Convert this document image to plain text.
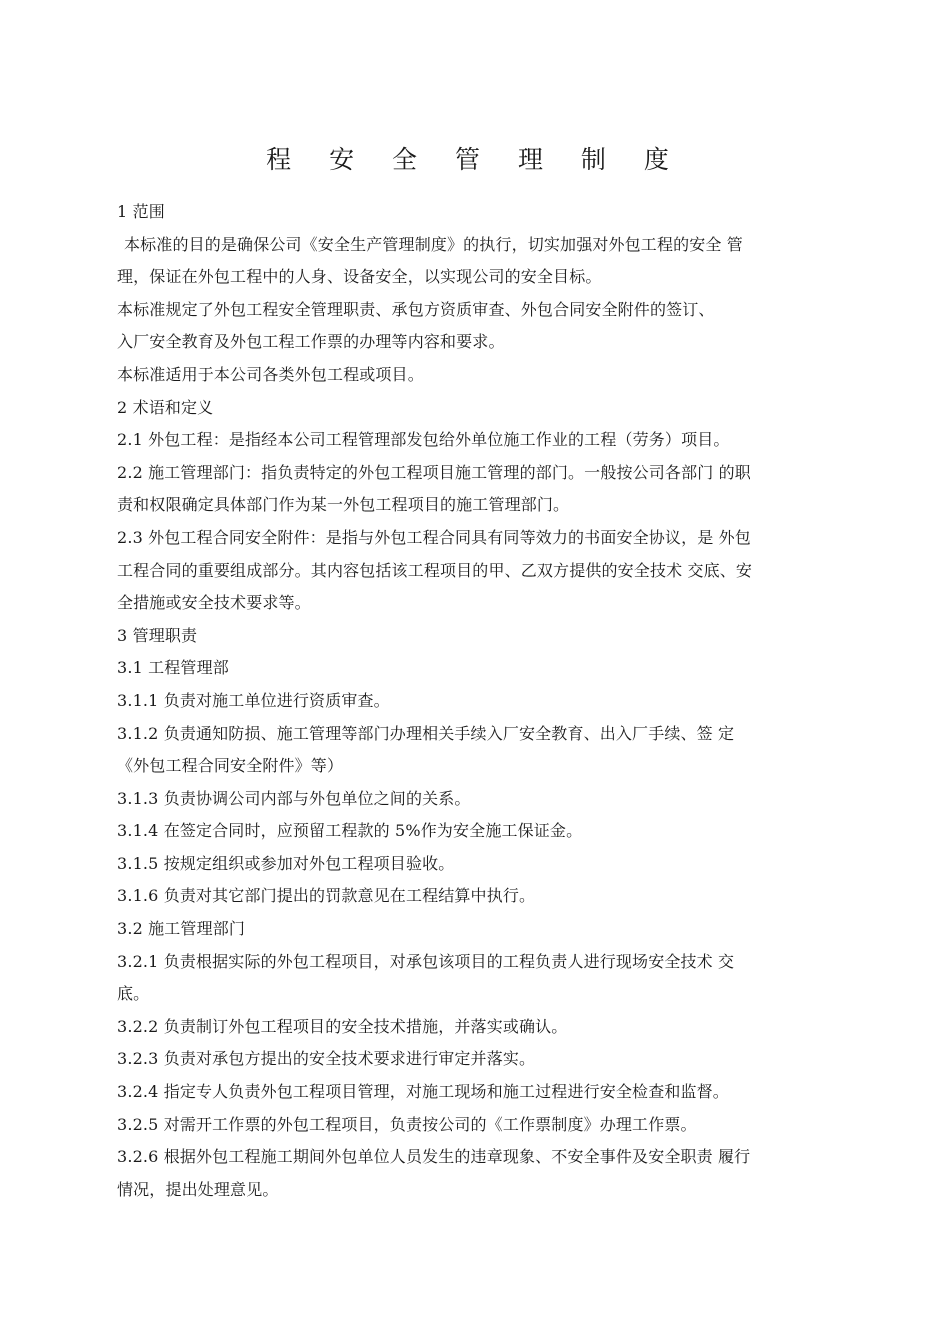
程 安 全 管 理 制 度
1 范围
本标准的目的是确保公司《安全生产管理制度》的执行，切实加强对外包工程的安全 管
理，保证在外包工程中的人身、设备安全，以实现公司的安全目标。
本标准规定了外包工程安全管理职责、承包方资质审查、外包合同安全附件的签订、
入厂安全教育及外包工程工作票的办理等内容和要求。
本标准适用于本公司各类外包工程或项目。
2 术语和定义
2.1 外包工程：是指经本公司工程管理部发包给外单位施工作业的工程（劳务）项目。
2.2 施工管理部门：指负责特定的外包工程项目施工管理的部门。一般按公司各部门 的职
责和权限确定具体部门作为某一外包工程项目的施工管理部门。
2.3 外包工程合同安全附件：是指与外包工程合同具有同等效力的书面安全协议，是 外包
工程合同的重要组成部分。其内容包括该工程项目的甲、乙双方提供的安全技术 交底、安
全措施或安全技术要求等。
3 管理职责
3.1 工程管理部
3.1.1 负责对施工单位进行资质审查。
3.1.2 负责通知防损、施工管理等部门办理相关手续入厂安全教育、出入厂手续、签 定
《外包工程合同安全附件》等）
3.1.3 负责协调公司内部与外包单位之间的关系。
3.1.4 在签定合同时，应预留工程款的 5%作为安全施工保证金。
3.1.5 按规定组织或参加对外包工程项目验收。
3.1.6 负责对其它部门提出的罚款意见在工程结算中执行。
3.2 施工管理部门
3.2.1 负责根据实际的外包工程项目，对承包该项目的工程负责人进行现场安全技术 交
底。
3.2.2 负责制订外包工程项目的安全技术措施，并落实或确认。
3.2.3 负责对承包方提出的安全技术要求进行审定并落实。
3.2.4 指定专人负责外包工程项目管理，对施工现场和施工过程进行安全检查和监督。
3.2.5 对需开工作票的外包工程项目，负责按公司的《工作票制度》办理工作票。
3.2.6 根据外包工程施工期间外包单位人员发生的违章现象、不安全事件及安全职责 履行
情况，提出处理意见。
